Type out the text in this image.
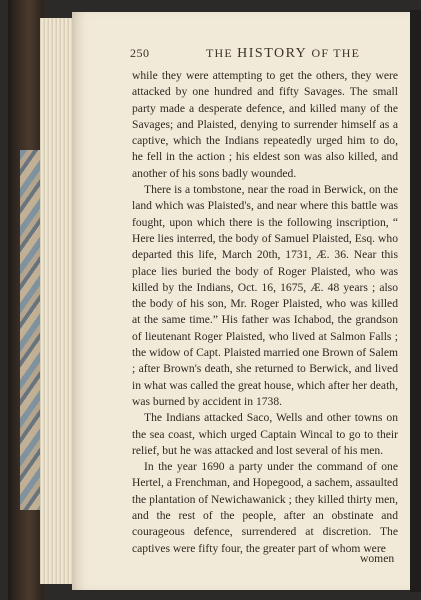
250	THE HISTORY OF THE

while they were attempting to get the others, they were attacked by one hundred and fifty Savages. The small party made a desperate defence, and killed many of the Savages; and Plaisted, denying to surrender himself as a captive, which the Indians repeatedly urged him to do, he fell in the action ; his eldest son was also killed, and another of his sons badly wounded.

There is a tombstone, near the road in Berwick, on the land which was Plaisted's, and near where this battle was fought, upon which there is the following inscription, “ Here lies interred, the body of Samuel Plaisted, Esq. who departed this life, March 20th, 1731, Æ. 36. Near this place lies buried the body of Roger Plaisted, who was killed by the Indians, Oct. 16, 1675, Æ. 48 years ; also the body of his son, Mr. Roger Plaisted, who was killed at the same time.” His father was Ichabod, the grandson of lieutenant Roger Plaisted, who lived at Salmon Falls ; the widow of Capt. Plaisted married one Brown of Salem ; after Brown's death, she returned to Berwick, and lived in what was called the great house, which after her death, was burned by accident in 1738.

The Indians attacked Saco, Wells and other towns on the sea coast, which urged Captain Wincal to go to their relief, but he was attacked and lost several of his men.

In the year 1690 a party under the command of one Hertel, a Frenchman, and Hopegood, a sachem, assaulted the plantation of Newichawanick ; they killed thirty men, and the rest of the people, after an obstinate and courageous defence, surrendered at discretion. The captives were fifty four, the greater part of whom were

women
